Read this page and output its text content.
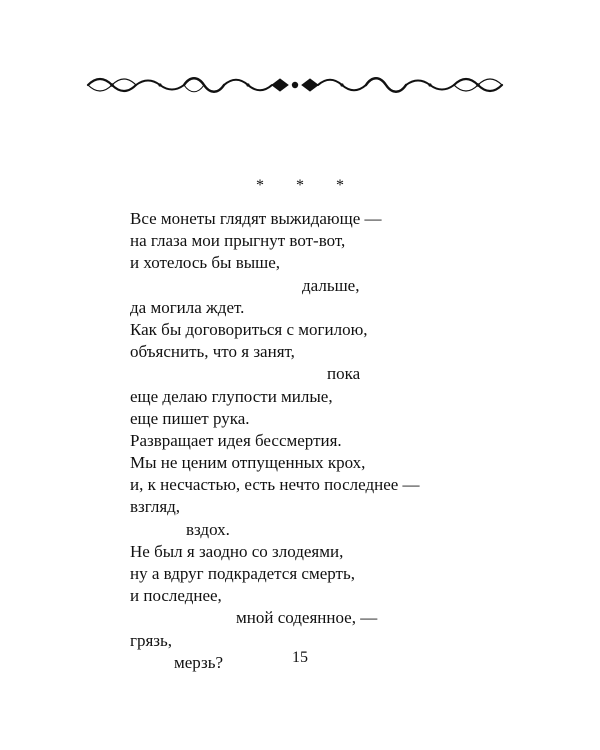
* * *
Все монеты глядят выжидающе —
на глаза мои прыгнут вот-вот,
и хотелось бы выше,
дальше,
да могила ждет.
Как бы договориться с могилою,
объяснить, что я занят,
пока
еще делаю глупости милые,
еще пишет рука.
Развращает идея бессмертия.
Мы не ценим отпущенных крох,
и, к несчастью, есть нечто последнее —
взгляд,
вздох.
Не был я заодно со злодеями,
ну а вдруг подкрадется смерть,
и последнее,
мной содеянное, —
грязь,
мерзь?	15
